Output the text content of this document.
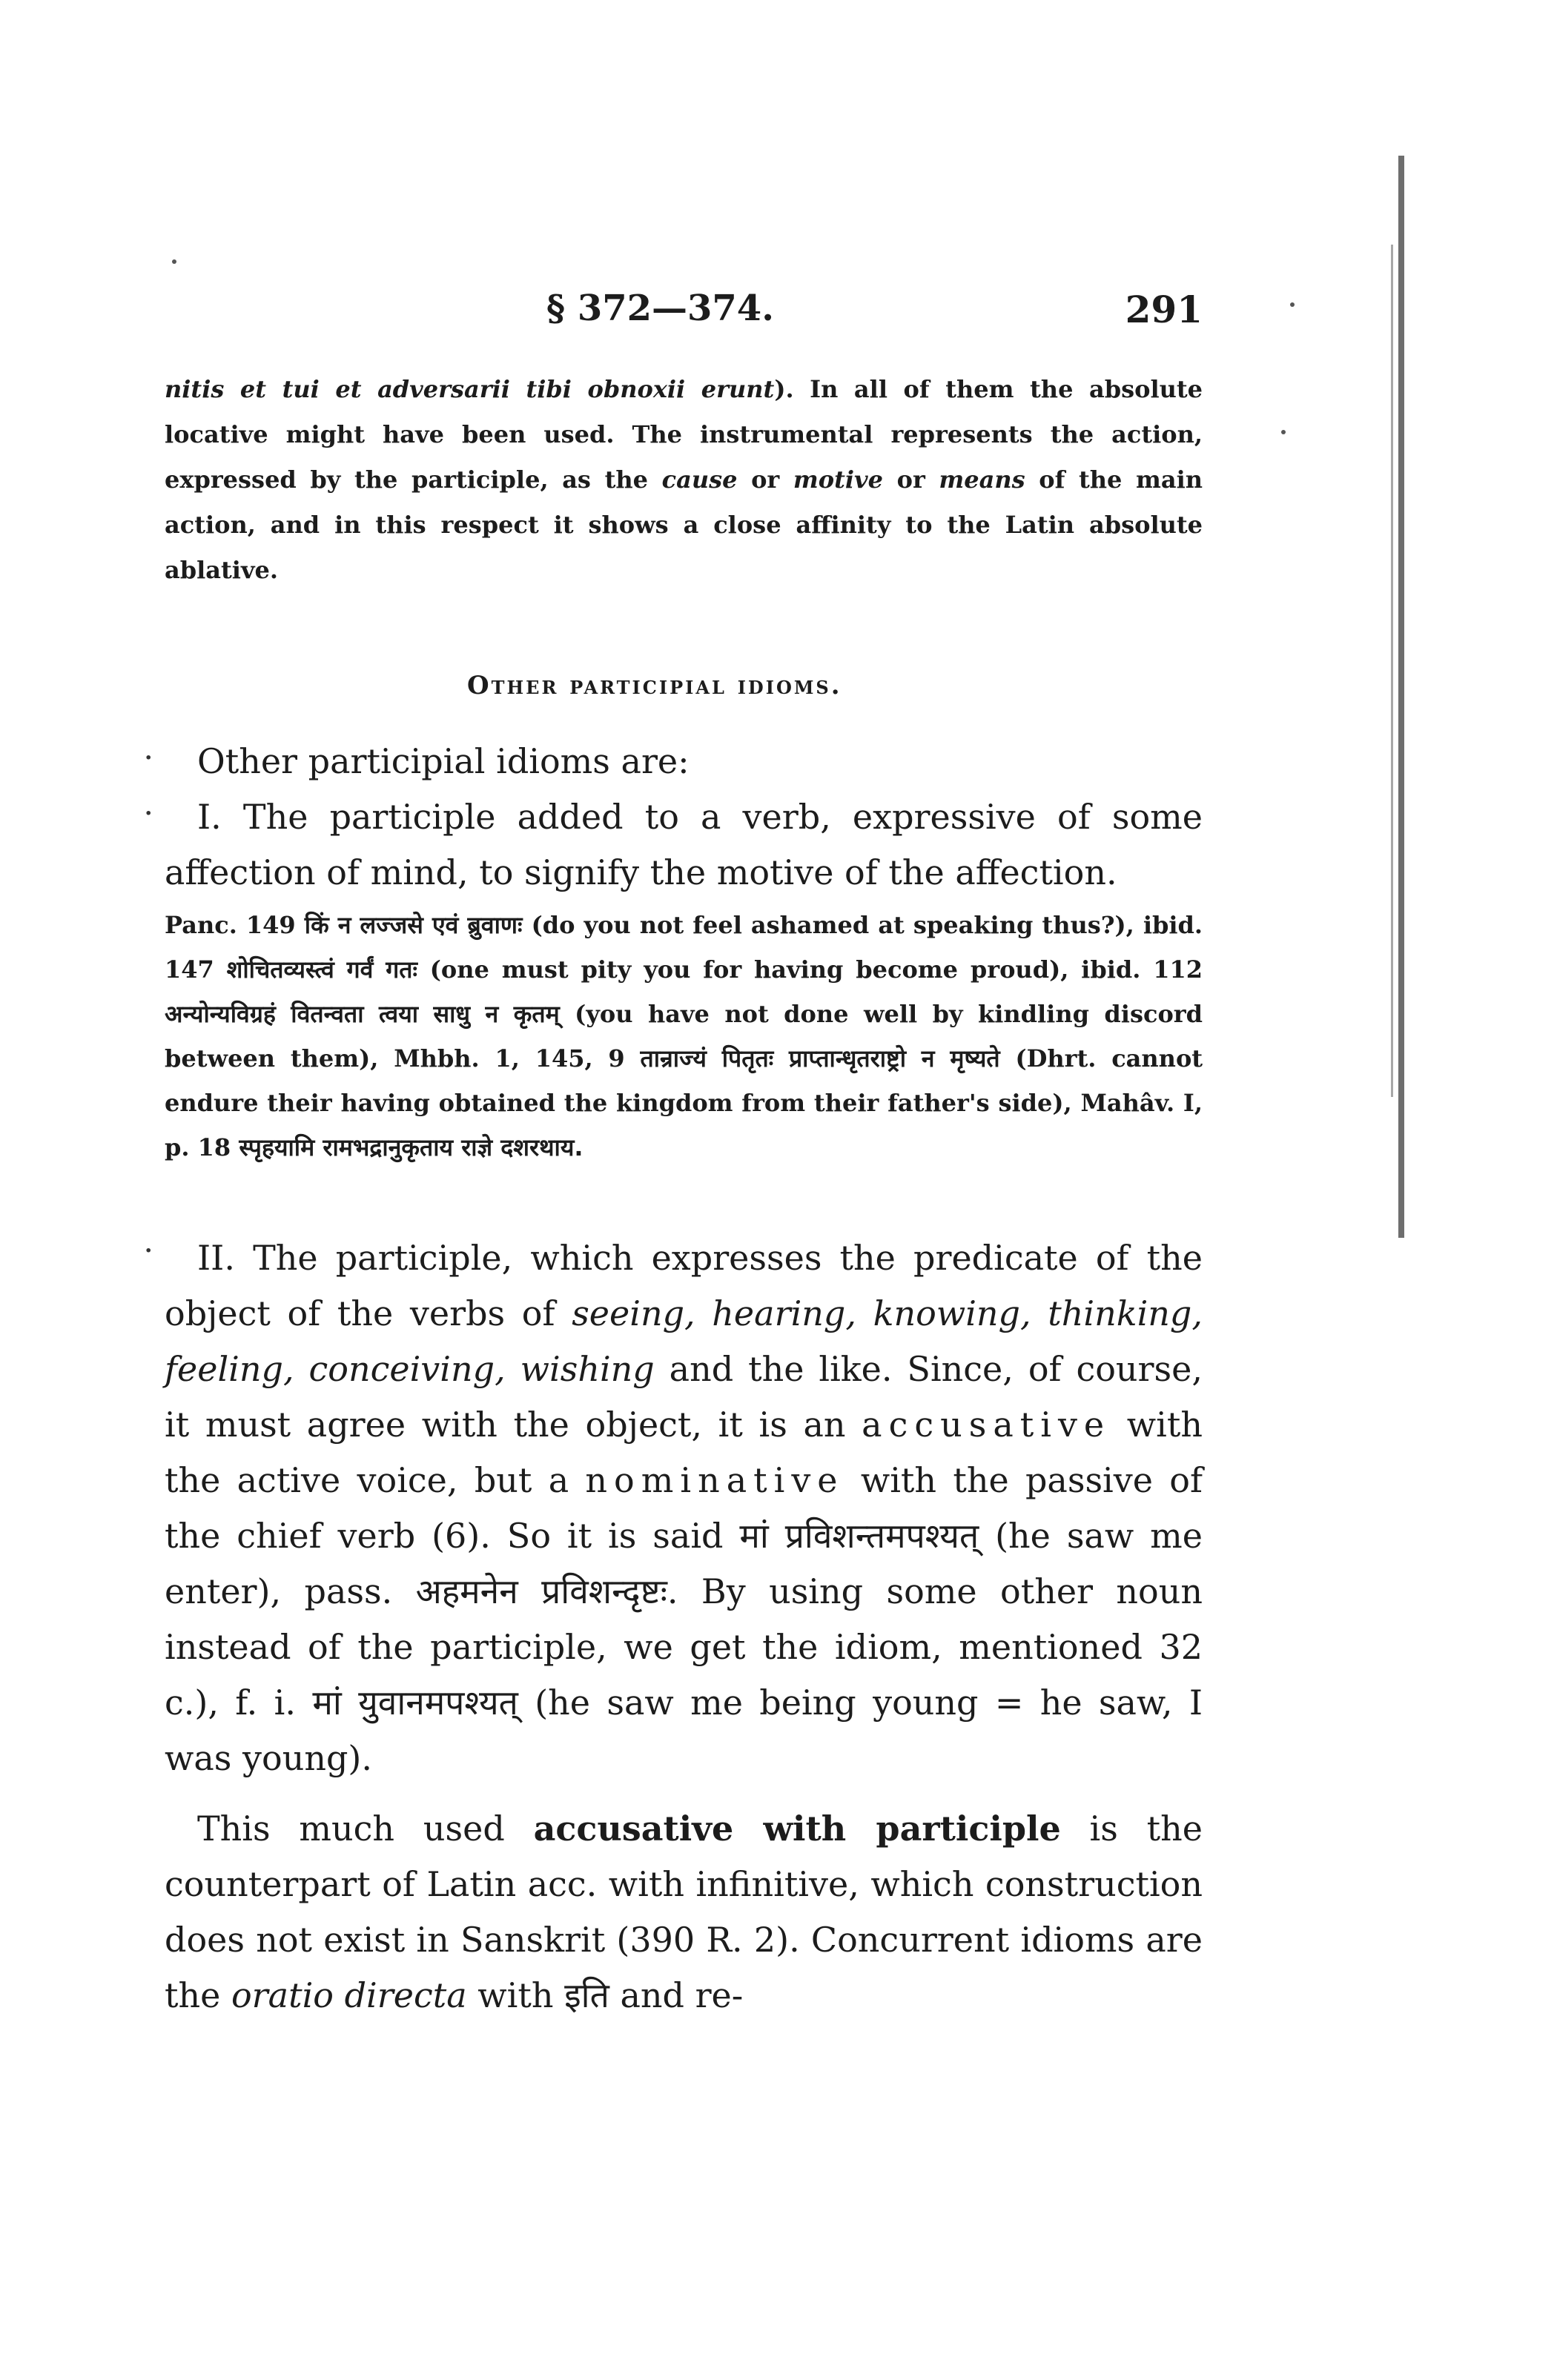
§ 372—374.	291

nitis et tui et adversarii tibi obnoxii erunt). In all of them the absolute locative might have been used. The instrumental represents the action, expressed by the participle, as the cause or motive or means of the main action, and in this respect it shows a close affinity to the Latin absolute ablative.

Other participial idioms.

Other participial idioms are:

I. The participle added to a verb, expressive of some affection of mind, to signify the motive of the affection.

Panc. 149 किं न लज्जसे एवं ब्रुवाणः (do you not feel ashamed at speaking thus?), ibid. 147 शोचितव्यस्त्वं गर्वं गतः (one must pity you for having become proud), ibid. 112 अन्योन्यविग्रहं वितन्वता त्वया साधु न कृतम् (you have not done well by kindling discord between them), Mhbh. 1, 145, 9 तान्राज्यं पितृतः प्राप्तान्धृतराष्ट्रो न मृष्यते (Dhrt. cannot endure their having obtained the kingdom from their father's side), Mahâv. I, p. 18 स्पृहयामि रामभद्रानुकृताय राज्ञे दशरथाय.

II. The participle, which expresses the predicate of the object of the verbs of seeing, hearing, knowing, thinking, feeling, conceiving, wishing and the like. Since, of course, it must agree with the object, it is an accusative with the active voice, but a nominative with the passive of the chief verb (6). So it is said मां प्रविशन्तमपश्यत् (he saw me enter), pass. अहमनेन प्रविशन्दृष्टः. By using some other noun instead of the participle, we get the idiom, mentioned 32 c.), f. i. मां युवानमपश्यत् (he saw me being young = he saw, I was young).

This much used accusative with participle is the counterpart of Latin acc. with infinitive, which construction does not exist in Sanskrit (390 R. 2). Concurrent idioms are the oratio directa with इति and re-

·
·
·
